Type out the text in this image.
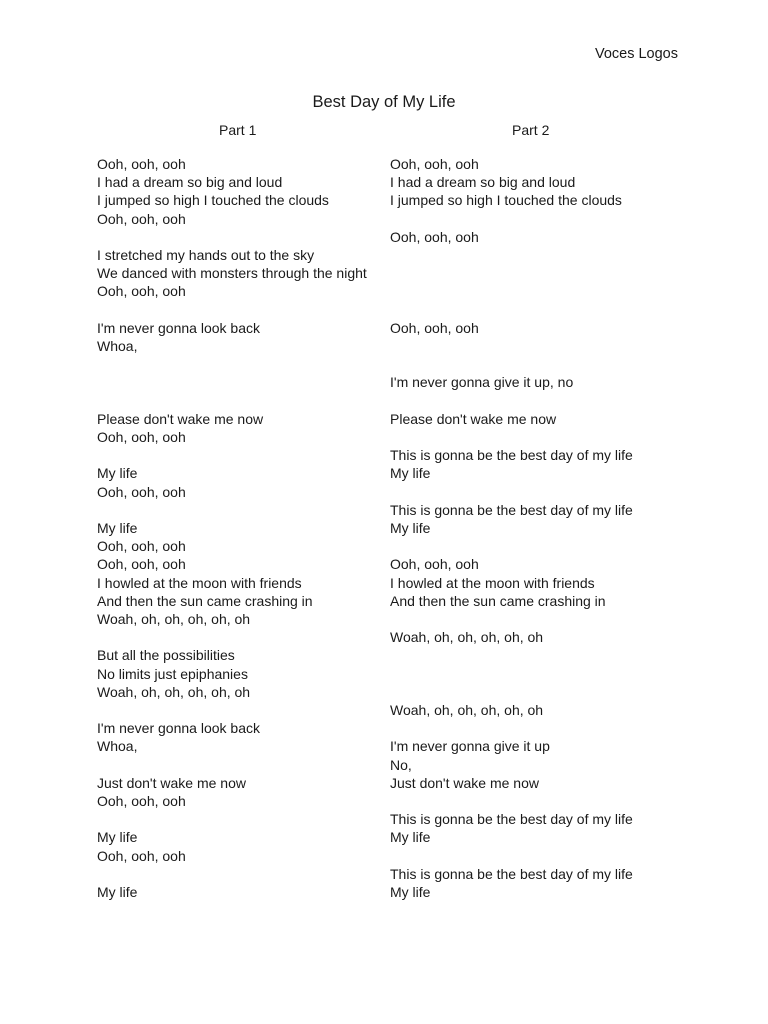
Voces Logos
Best Day of My Life
Part 1	Part 2
Ooh, ooh, ooh
I had a dream so big and loud
I jumped so high I touched the clouds
Ooh, ooh, ooh
I stretched my hands out to the sky
We danced with monsters through the night
Ooh, ooh, ooh
I'm never gonna look back
Whoa,
Please don't wake me now
Ooh, ooh, ooh
My life
Ooh, ooh, ooh
My life
Ooh, ooh, ooh
Ooh, ooh, ooh
I howled at the moon with friends
And then the sun came crashing in
Woah, oh, oh, oh, oh, oh
But all the possibilities
No limits just epiphanies
Woah, oh, oh, oh, oh, oh
I'm never gonna look back
Whoa,
Just don't wake me now
Ooh, ooh, ooh
My life
Ooh, ooh, ooh
My life
Ooh, ooh, ooh
I had a dream so big and loud
I jumped so high I touched the clouds
Ooh, ooh, ooh
Ooh, ooh, ooh
I'm never gonna give it up, no
Please don't wake me now
This is gonna be the best day of my life
My life
This is gonna be the best day of my life
My life
Ooh, ooh, ooh
I howled at the moon with friends
And then the sun came crashing in
Woah, oh, oh, oh, oh, oh
Woah, oh, oh, oh, oh, oh
I'm never gonna give it up
No,
Just don't wake me now
This is gonna be the best day of my life
My life
This is gonna be the best day of my life
My life
